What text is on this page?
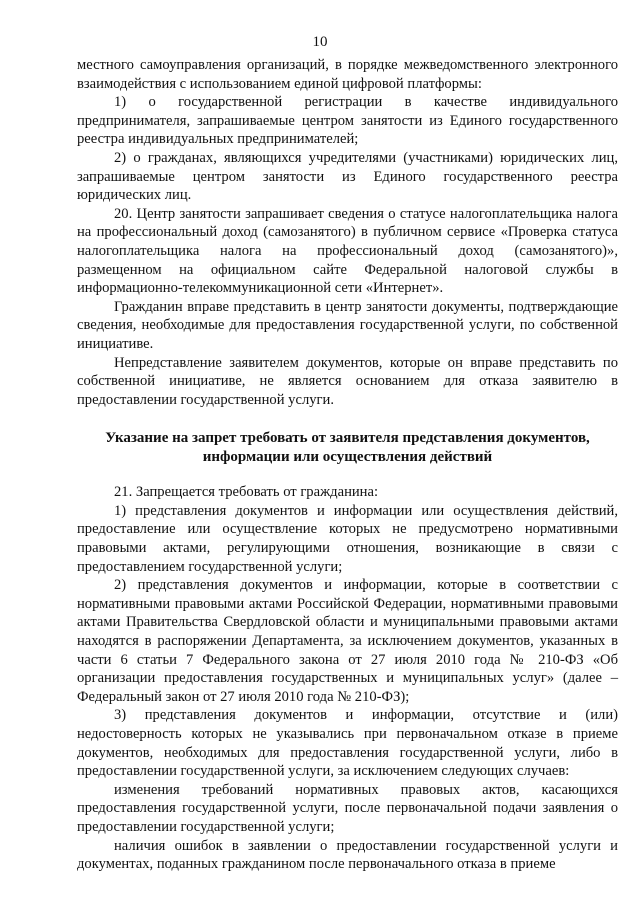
10

местного самоуправления организаций, в порядке межведомственного электронного взаимодействия с использованием единой цифровой платформы:

1) о государственной регистрации в качестве индивидуального предпринимателя, запрашиваемые центром занятости из Единого государственного реестра индивидуальных предпринимателей;

2) о гражданах, являющихся учредителями (участниками) юридических лиц, запрашиваемые центром занятости из Единого государственного реестра юридических лиц.

20. Центр занятости запрашивает сведения о статусе налогоплательщика налога на профессиональный доход (самозанятого) в публичном сервисе «Проверка статуса налогоплательщика налога на профессиональный доход (самозанятого)», размещенном на официальном сайте Федеральной налоговой службы в информационно-телекоммуникационной сети «Интернет».

Гражданин вправе представить в центр занятости документы, подтверждающие сведения, необходимые для предоставления государственной услуги, по собственной инициативе.

Непредставление заявителем документов, которые он вправе представить по собственной инициативе, не является основанием для отказа заявителю в предоставлении государственной услуги.

Указание на запрет требовать от заявителя представления документов, информации или осуществления действий

21. Запрещается требовать от гражданина:

1) представления документов и информации или осуществления действий, предоставление или осуществление которых не предусмотрено нормативными правовыми актами, регулирующими отношения, возникающие в связи с предоставлением государственной услуги;

2) представления документов и информации, которые в соответствии с нормативными правовыми актами Российской Федерации, нормативными правовыми актами Правительства Свердловской области и муниципальными правовыми актами находятся в распоряжении Департамента, за исключением документов, указанных в части 6 статьи 7 Федерального закона от 27 июля 2010 года № 210-ФЗ «Об организации предоставления государственных и муниципальных услуг» (далее – Федеральный закон от 27 июля 2010 года № 210-ФЗ);

3) представления документов и информации, отсутствие и (или) недостоверность которых не указывались при первоначальном отказе в приеме документов, необходимых для предоставления государственной услуги, либо в предоставлении государственной услуги, за исключением следующих случаев:

изменения требований нормативных правовых актов, касающихся предоставления государственной услуги, после первоначальной подачи заявления о предоставлении государственной услуги;

наличия ошибок в заявлении о предоставлении государственной услуги и документах, поданных гражданином после первоначального отказа в приеме
